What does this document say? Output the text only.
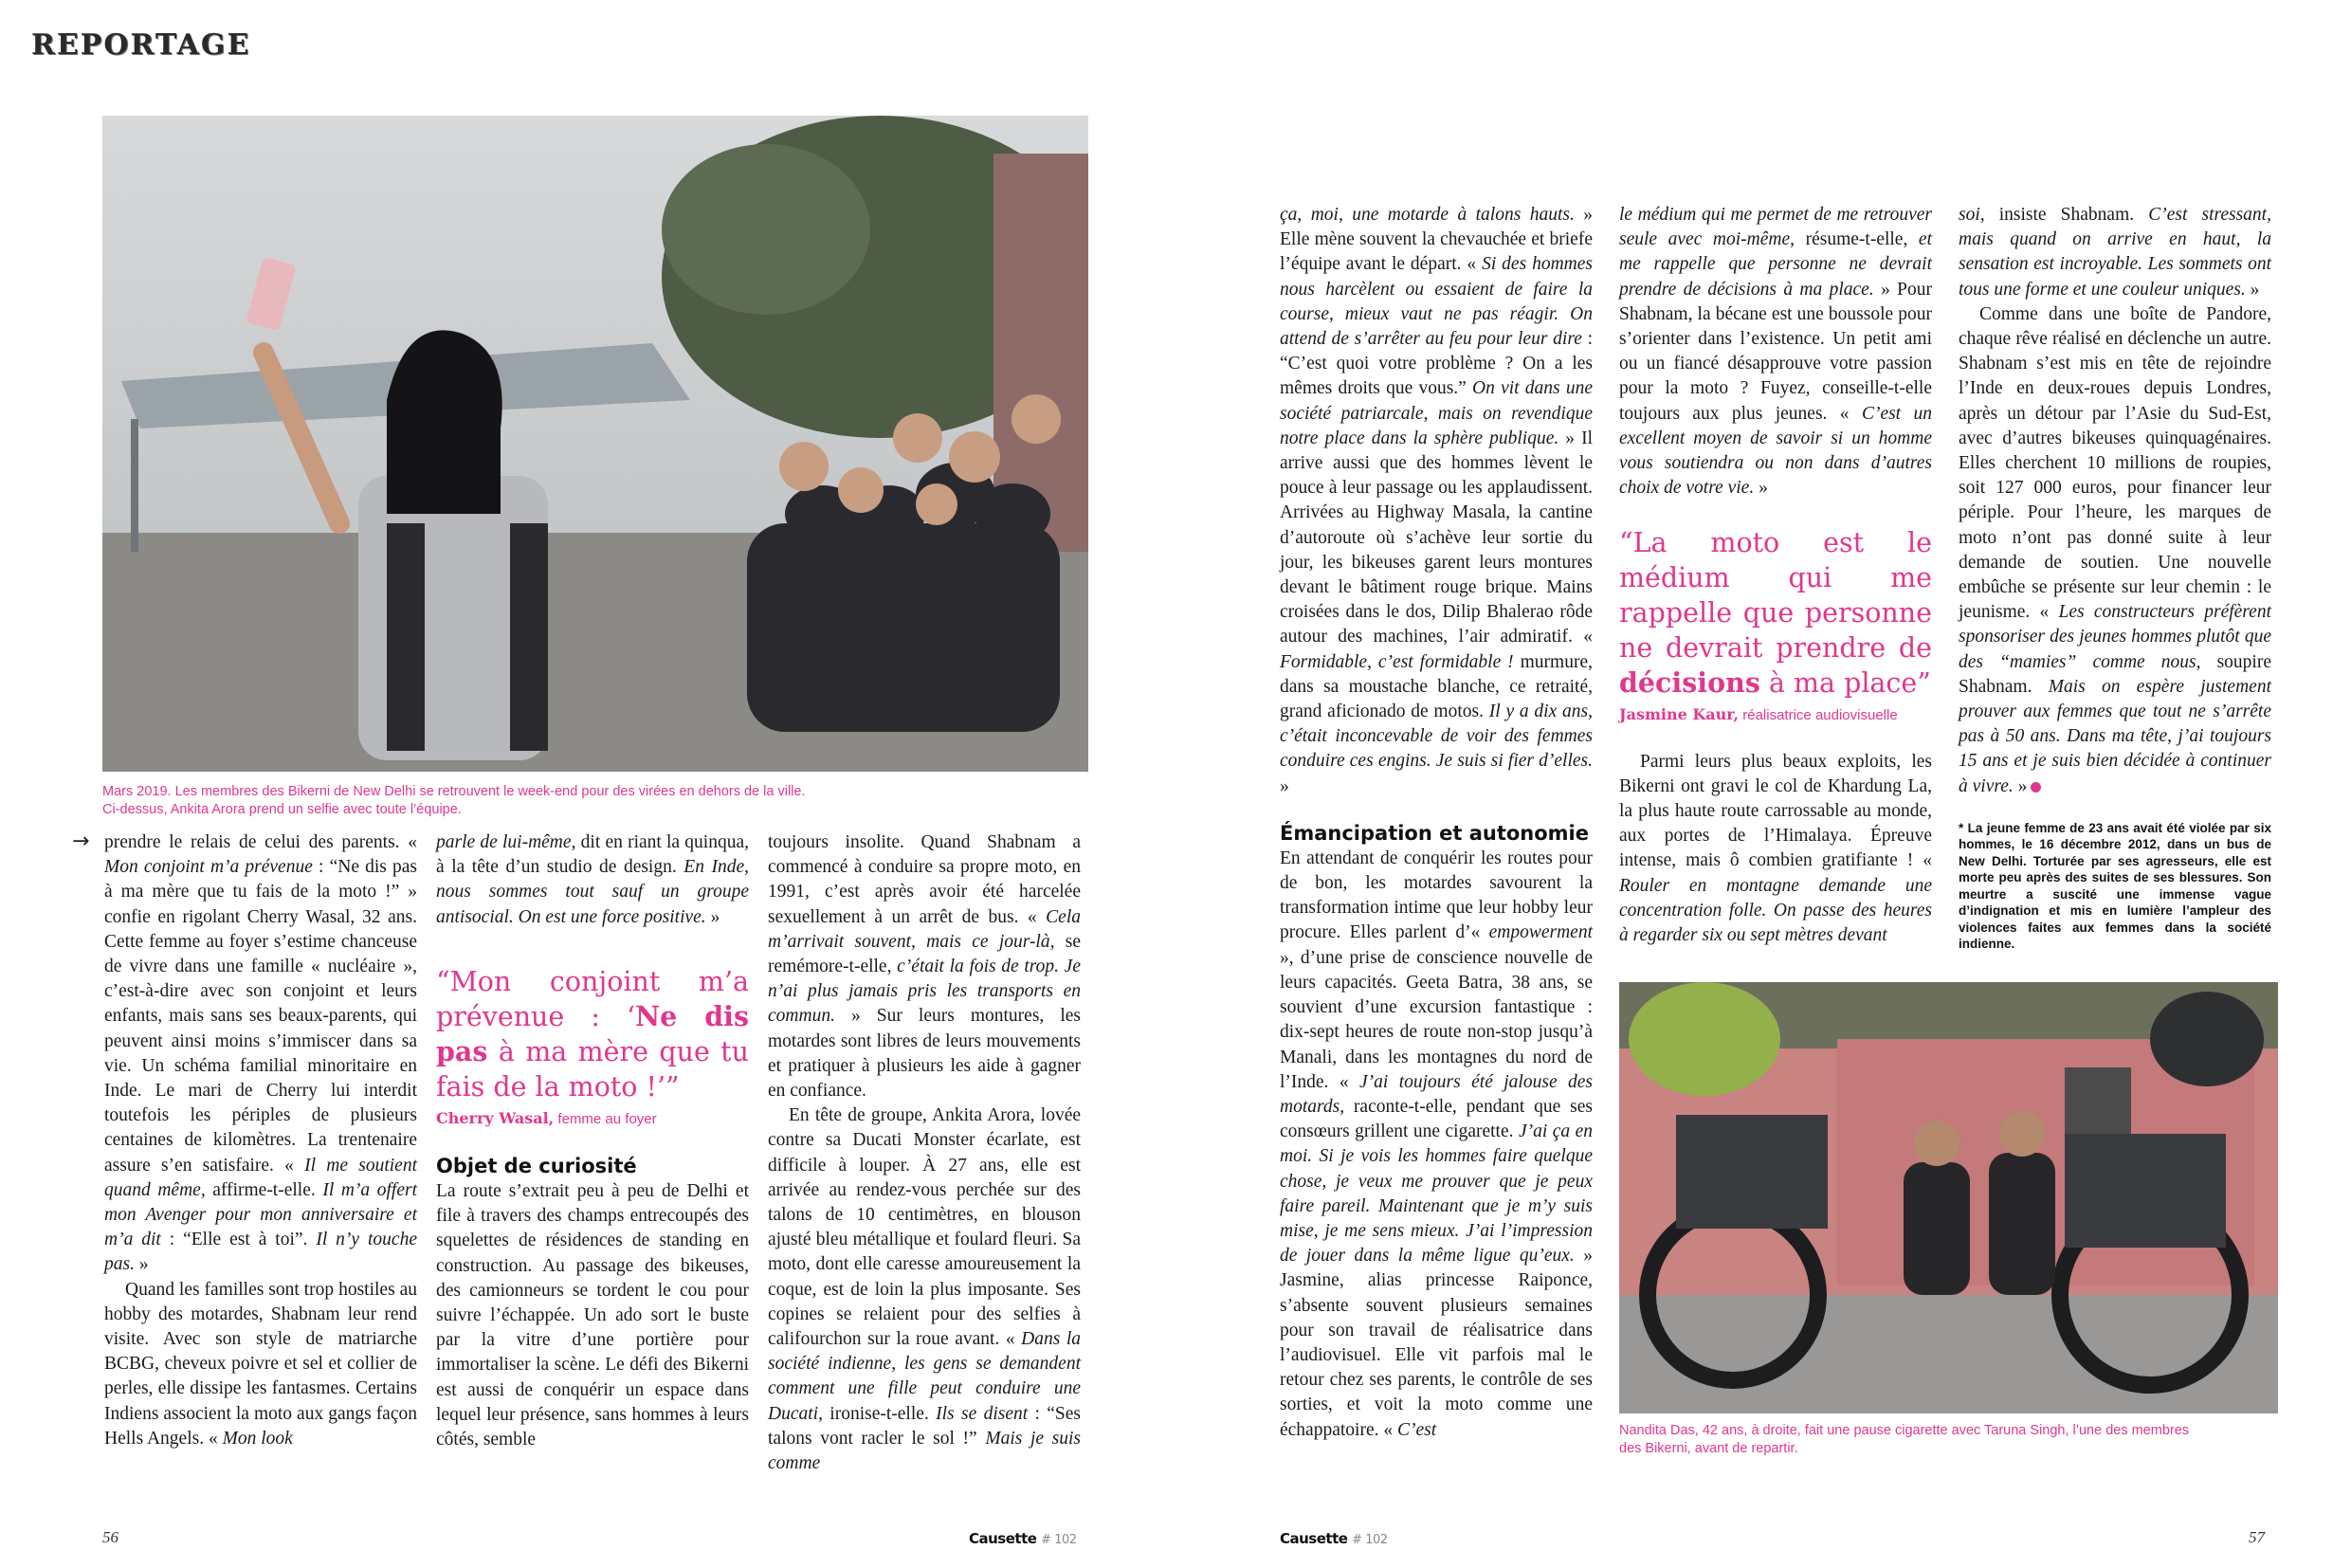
REPORTAGE
Mars 2019. Les membres des Bikerni de New Delhi se retrouvent le week-end pour des virées en dehors de la ville.
Ci-dessus, Ankita Arora prend un selfie avec toute l’équipe.
→ prendre le relais de celui des parents. « Mon conjoint m’a prévenue : “Ne dis pas à ma mère que tu fais de la moto !” » confie en rigolant Cherry Wasal, 32 ans. Cette femme au foyer s’estime chanceuse de vivre dans une famille « nucléaire », c’est-à-dire avec son conjoint et leurs enfants, mais sans ses beaux-parents, qui peuvent ainsi moins s’immiscer dans sa vie. Un schéma familial minoritaire en Inde. Le mari de Cherry lui interdit toutefois les périples de plusieurs centaines de kilomètres. La trentenaire assure s’en satisfaire. « Il me soutient quand même, affirme-t-elle. Il m’a offert mon Avenger pour mon anniversaire et m’a dit : “Elle est à toi”. Il n’y touche pas. »

Quand les familles sont trop hostiles au hobby des motardes, Shabnam leur rend visite. Avec son style de matriarche BCBG, cheveux poivre et sel et collier de perles, elle dissipe les fantasmes. Certains Indiens associent la moto aux gangs façon Hells Angels. « Mon look

parle de lui-même, dit en riant la quinqua, à la tête d’un studio de design. En Inde, nous sommes tout sauf un groupe antisocial. On est une force positive. »

“Mon conjoint m’a prévenue : ‘Ne dis pas à ma mère que tu fais de la moto !’”

Cherry Wasal, femme au foyer
Objet de curiosité

La route s’extrait peu à peu de Delhi et file à travers des champs entrecoupés des squelettes de résidences de standing en construction. Au passage des bikeuses, des camionneurs se tordent le cou pour suivre l’échappée. Un ado sort le buste par la vitre d’une portière pour immortaliser la scène. Le défi des Bikerni est aussi de conquérir un espace dans lequel leur présence, sans hommes à leurs côtés, semble

toujours insolite. Quand Shabnam a commencé à conduire sa propre moto, en 1991, c’est après avoir été harcelée sexuellement à un arrêt de bus. « Cela m’arrivait souvent, mais ce jour-là, se remémore-t-elle, c’était la fois de trop. Je n’ai plus jamais pris les transports en commun. » Sur leurs montures, les motardes sont libres de leurs mouvements et pratiquer à plusieurs les aide à gagner en confiance.

En tête de groupe, Ankita Arora, lovée contre sa Ducati Monster écarlate, est difficile à louper. À 27 ans, elle est arrivée au rendez-vous perchée sur des talons de 10 centimètres, en blouson ajusté bleu métallique et foulard fleuri. Sa moto, dont elle caresse amoureusement la coque, est de loin la plus imposante. Ses copines se relaient pour des selfies à califourchon sur la roue avant. « Dans la société indienne, les gens se demandent comment une fille peut conduire une Ducati, ironise-t-elle. Ils se disent : “Ses talons vont racler le sol !” Mais je suis comme

ça, moi, une motarde à talons hauts. » Elle mène souvent la chevauchée et briefe l’équipe avant le départ. « Si des hommes nous harcèlent ou essaient de faire la course, mieux vaut ne pas réagir. On attend de s’arrêter au feu pour leur dire : “C’est quoi votre problème ? On a les mêmes droits que vous.” On vit dans une société patriarcale, mais on revendique notre place dans la sphère publique. » Il arrive aussi que des hommes lèvent le pouce à leur passage ou les applaudissent. Arrivées au Highway Masala, la cantine d’autoroute où s’achève leur sortie du jour, les bikeuses garent leurs montures devant le bâtiment rouge brique. Mains croisées dans le dos, Dilip Bhalerao rôde autour des machines, l’air admiratif. « Formidable, c’est formidable ! murmure, dans sa moustache blanche, ce retraité, grand aficionado de motos. Il y a dix ans, c’était inconcevable de voir des femmes conduire ces engins. Je suis si fier d’elles. »

Émancipation et autonomie

En attendant de conquérir les routes pour de bon, les motardes savourent la transformation intime que leur hobby leur procure. Elles parlent d’« empowerment », d’une prise de conscience nouvelle de leurs capacités. Geeta Batra, 38 ans, se souvient d’une excursion fantastique : dix-sept heures de route non-stop jusqu’à Manali, dans les montagnes du nord de l’Inde. « J’ai toujours été jalouse des motards, raconte-t-elle, pendant que ses consœurs grillent une cigarette. J’ai ça en moi. Si je vois les hommes faire quelque chose, je veux me prouver que je peux faire pareil. Maintenant que je m’y suis mise, je me sens mieux. J’ai l’impression de jouer dans la même ligue qu’eux. » Jasmine, alias princesse Raiponce, s’absente souvent plusieurs semaines pour son travail de réalisatrice dans l’audiovisuel. Elle vit parfois mal le retour chez ses parents, le contrôle de ses sorties, et voit la moto comme une échappatoire. « C’est

le médium qui me permet de me retrouver seule avec moi-même, résume-t-elle, et me rappelle que personne ne devrait prendre de décisions à ma place. » Pour Shabnam, la bécane est une boussole pour s’orienter dans l’existence. Un petit ami ou un fiancé désapprouve votre passion pour la moto ? Fuyez, conseille-t-elle toujours aux plus jeunes. « C’est un excellent moyen de savoir si un homme vous soutiendra ou non dans d’autres choix de votre vie. »

“La moto est le médium qui me rappelle que personne ne devrait prendre de décisions à ma place”

Jasmine Kaur, réalisatrice audiovisuelle

Parmi leurs plus beaux exploits, les Bikerni ont gravi le col de Khardung La, la plus haute route carrossable au monde, aux portes de l’Himalaya. Épreuve intense, mais ô combien gratifiante ! « Rouler en montagne demande une concentration folle. On passe des heures à regarder six ou sept mètres devant

soi, insiste Shabnam. C’est stressant, mais quand on arrive en haut, la sensation est incroyable. Les sommets ont tous une forme et une couleur uniques. »

Comme dans une boîte de Pandore, chaque rêve réalisé en déclenche un autre. Shabnam s’est mis en tête de rejoindre l’Inde en deux-roues depuis Londres, après un détour par l’Asie du Sud-Est, avec d’autres bikeuses quinquagénaires. Elles cherchent 10 millions de roupies, soit 127 000 euros, pour financer leur périple. Pour l’heure, les marques de moto n’ont pas donné suite à leur demande de soutien. Une nouvelle embûche se présente sur leur chemin : le jeunisme. « Les constructeurs préfèrent sponsoriser des jeunes hommes plutôt que des “mamies” comme nous, soupire Shabnam. Mais on espère justement prouver aux femmes que tout ne s’arrête pas à 50 ans. Dans ma tête, j’ai toujours 15 ans et je suis bien décidée à continuer à vivre. »

* La jeune femme de 23 ans avait été violée par six hommes, le 16 décembre 2012, dans un bus de New Delhi. Torturée par ses agresseurs, elle est morte peu après des suites de ses blessures. Son meurtre a suscité une immense vague d’indignation et mis en lumière l’ampleur des violences faites aux femmes dans la société indienne.
Nandita Das, 42 ans, à droite, fait une pause cigarette avec Taruna Singh, l’une des membres
des Bikerni, avant de repartir.
56	Causette # 102	Causette # 102	57
